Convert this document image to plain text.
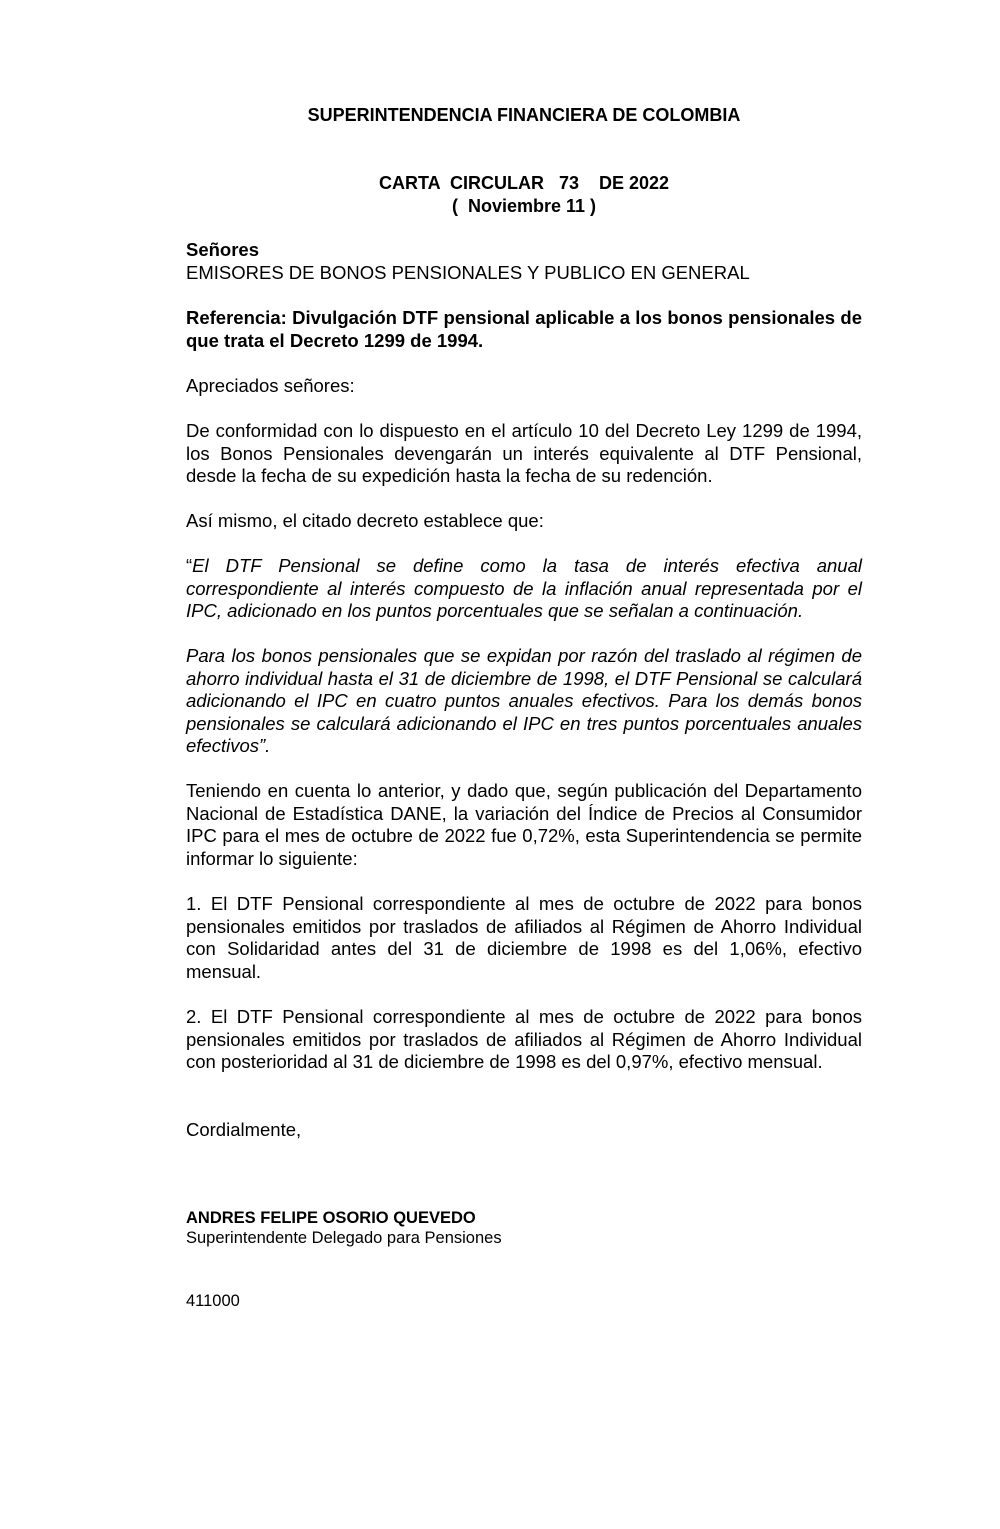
SUPERINTENDENCIA FINANCIERA DE COLOMBIA
CARTA  CIRCULAR   73    DE 2022
(  Noviembre 11 )
Señores
EMISORES DE BONOS PENSIONALES Y PUBLICO EN GENERAL
Referencia: Divulgación DTF pensional aplicable a los bonos pensionales de que trata el Decreto 1299 de 1994.
Apreciados señores:
De conformidad con lo dispuesto en el artículo 10 del Decreto Ley 1299 de 1994, los Bonos Pensionales devengarán un interés equivalente al DTF Pensional, desde la fecha de su expedición hasta la fecha de su redención.
Así mismo, el citado decreto establece que:
“El DTF Pensional se define como la tasa de interés efectiva anual correspondiente al interés compuesto de la inflación anual representada por el IPC, adicionado en los puntos porcentuales que se señalan a continuación.
Para los bonos pensionales que se expidan por razón del traslado al régimen de ahorro individual hasta el 31 de diciembre de 1998, el DTF Pensional se calculará adicionando el IPC en cuatro puntos anuales efectivos. Para los demás bonos pensionales se calculará adicionando el IPC en tres puntos porcentuales anuales efectivos”.
Teniendo en cuenta lo anterior, y dado que, según publicación del Departamento Nacional de Estadística DANE, la variación del Índice de Precios al Consumidor IPC para el mes de octubre de 2022 fue 0,72%, esta Superintendencia se permite informar lo siguiente:
1. El DTF Pensional correspondiente al mes de octubre de 2022 para bonos pensionales emitidos por traslados de afiliados al Régimen de Ahorro Individual con Solidaridad antes del 31 de diciembre de 1998 es del 1,06%, efectivo mensual.
2. El DTF Pensional correspondiente al mes de octubre de 2022 para bonos pensionales emitidos por traslados de afiliados al Régimen de Ahorro Individual con posterioridad al 31 de diciembre de 1998 es del 0,97%, efectivo mensual.
Cordialmente,
ANDRES FELIPE OSORIO QUEVEDO
Superintendente Delegado para Pensiones
411000
